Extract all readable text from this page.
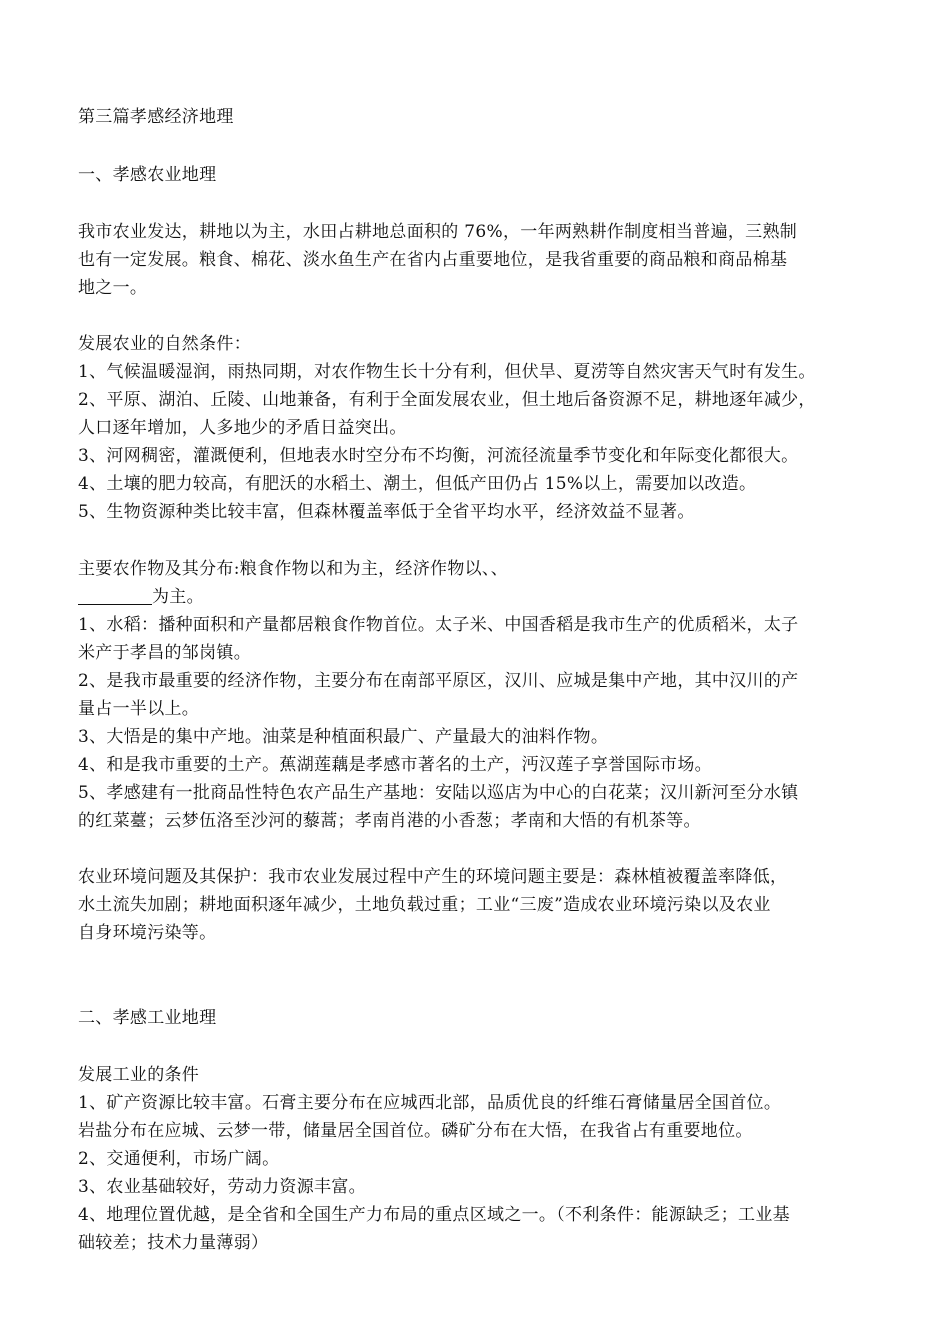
第三篇孝感经济地理
一、孝感农业地理
我市农业发达，耕地以为主，水田占耕地总面积的 76%，一年两熟耕作制度相当普遍，三熟制
也有一定发展。粮食、棉花、淡水鱼生产在省内占重要地位，是我省重要的商品粮和商品棉基
地之一。
发展农业的自然条件：
1、气候温暖湿润，雨热同期，对农作物生长十分有利，但伏旱、夏涝等自然灾害天气时有发生。
2、平原、湖泊、丘陵、山地兼备，有利于全面发展农业，但土地后备资源不足，耕地逐年减少，
人口逐年增加，人多地少的矛盾日益突出。
3、河网稠密，灌溉便利，但地表水时空分布不均衡，河流径流量季节变化和年际变化都很大。
4、土壤的肥力较高，有肥沃的水稻土、潮土，但低产田仍占 15%以上，需要加以改造。
5、生物资源种类比较丰富，但森林覆盖率低于全省平均水平，经济效益不显著。
主要农作物及其分布:粮食作物以和为主，经济作物以、、
为主。
1、水稻：播种面积和产量都居粮食作物首位。太子米、中国香稻是我市生产的优质稻米，太子
米产于孝昌的邹岗镇。
2、是我市最重要的经济作物，主要分布在南部平原区，汉川、应城是集中产地，其中汉川的产
量占一半以上。
3、大悟是的集中产地。油菜是种植面积最广、产量最大的油料作物。
4、和是我市重要的土产。蕉湖莲藕是孝感市著名的土产，沔汉莲子享誉国际市场。
5、孝感建有一批商品性特色农产品生产基地：安陆以巡店为中心的白花菜；汉川新河至分水镇
的红菜薹；云梦伍洛至沙河的藜蒿；孝南肖港的小香葱；孝南和大悟的有机茶等。
农业环境问题及其保护：我市农业发展过程中产生的环境问题主要是：森林植被覆盖率降低，
水土流失加剧；耕地面积逐年减少，土地负载过重；工业“三废”造成农业环境污染以及农业
自身环境污染等。
二、孝感工业地理
发展工业的条件
1、矿产资源比较丰富。石膏主要分布在应城西北部，品质优良的纤维石膏储量居全国首位。
岩盐分布在应城、云梦一带，储量居全国首位。磷矿分布在大悟，在我省占有重要地位。
2、交通便利，市场广阔。
3、农业基础较好，劳动力资源丰富。
4、地理位置优越，是全省和全国生产力布局的重点区域之一。（不利条件：能源缺乏；工业基
础较差；技术力量薄弱）
